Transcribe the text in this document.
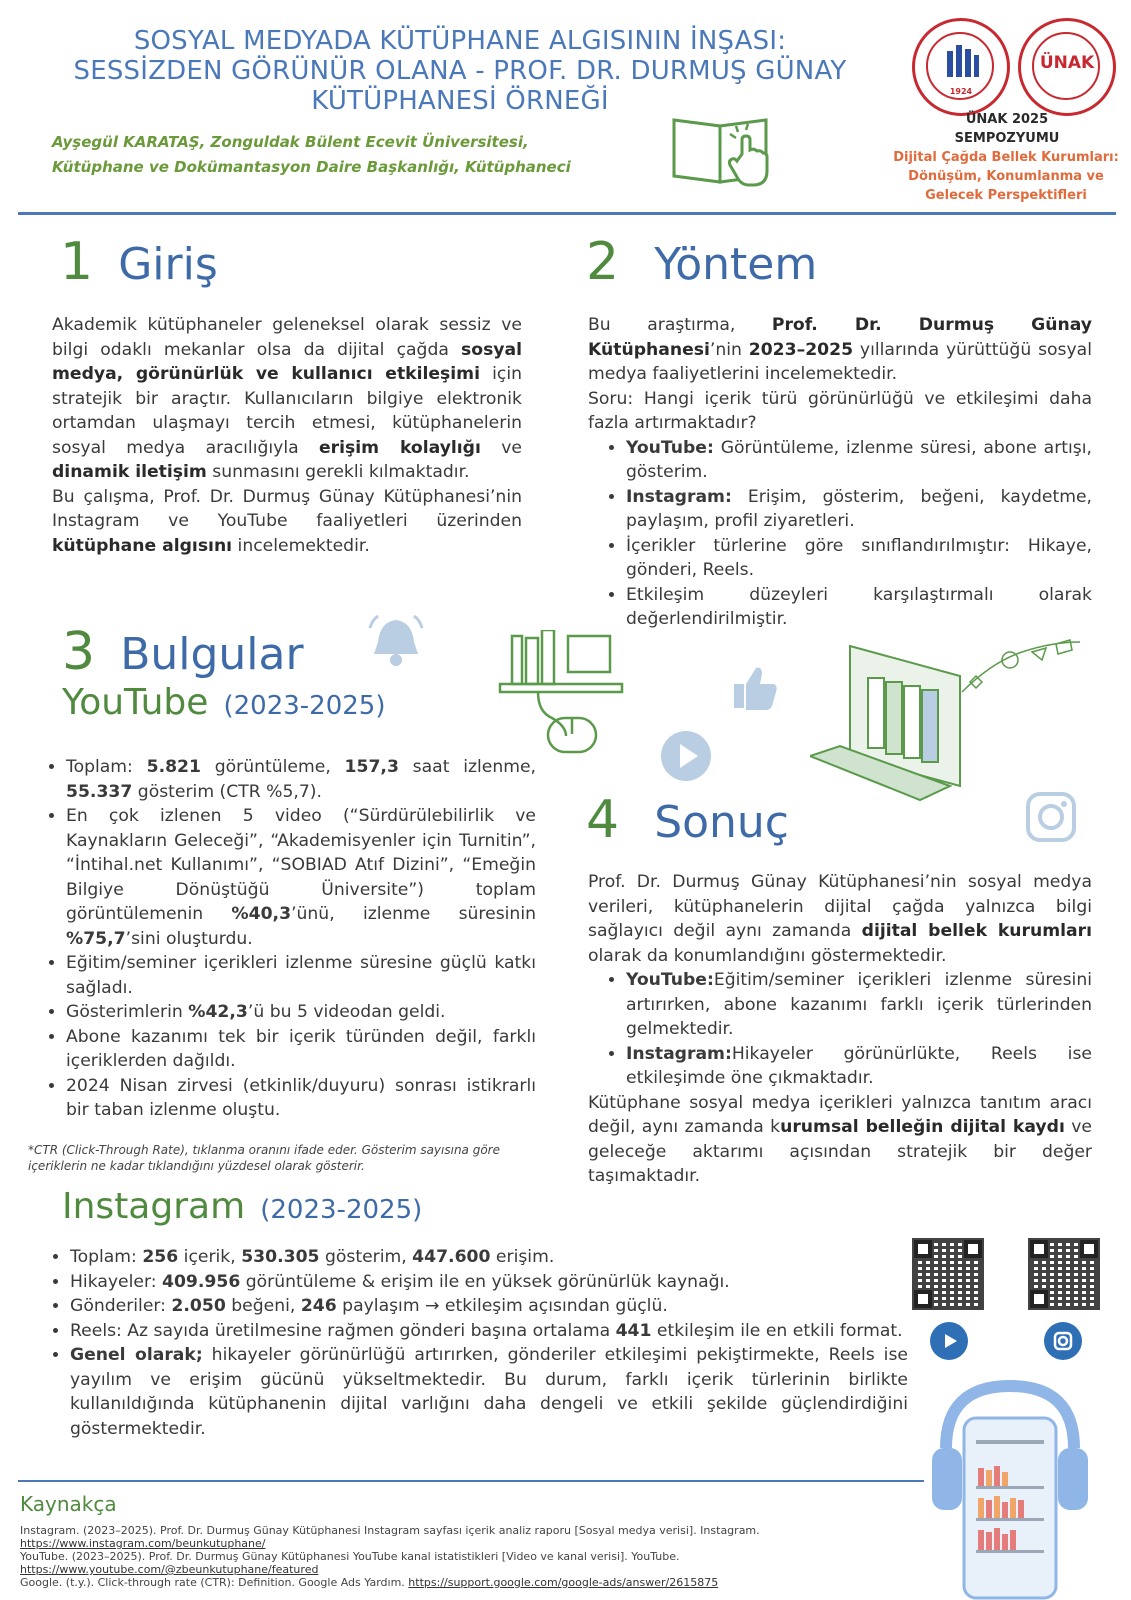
SOSYAL MEDYADA KÜTÜPHANE ALGISININ İNŞASI:
SESSİZDEN GÖRÜNÜR OLANA - PROF. DR. DURMUŞ GÜNAY
KÜTÜPHANESİ ÖRNEĞİ
Ayşegül KARATAŞ, Zonguldak Bülent Ecevit Üniversitesi,
Kütüphane ve Dokümantasyon Daire Başkanlığı, Kütüphaneci
1924
ÜNAK
ÜNAK 2025
SEMPOZYUMU
Dijital Çağda Bellek Kurumları:
Dönüşüm, Konumlanma ve
Gelecek Perspektifleri
1 Giriş
Akademik kütüphaneler geleneksel olarak sessiz ve bilgi odaklı mekanlar olsa da dijital çağda sosyal medya, görünürlük ve kullanıcı etkileşimi için stratejik bir araçtır. Kullanıcıların bilgiye elektronik ortamdan ulaşmayı tercih etmesi, kütüphanelerin sosyal medya aracılığıyla erişim kolaylığı ve dinamik iletişim sunmasını gerekli kılmaktadır.
Bu çalışma, Prof. Dr. Durmuş Günay Kütüphanesi’nin Instagram ve YouTube faaliyetleri üzerinden kütüphane algısını incelemektedir.
2 Yöntem
Bu araştırma, Prof. Dr. Durmuş Günay Kütüphanesi’nin 2023–2025 yıllarında yürüttüğü sosyal medya faaliyetlerini incelemektedir.
Soru: Hangi içerik türü görünürlüğü ve etkileşimi daha fazla artırmaktadır?
• YouTube: Görüntüleme, izlenme süresi, abone artışı, gösterim.
• Instagram: Erişim, gösterim, beğeni, kaydetme, paylaşım, profil ziyaretleri.
• İçerikler türlerine göre sınıflandırılmıştır: Hikaye, gönderi, Reels.
• Etkileşim düzeyleri karşılaştırmalı olarak değerlendirilmiştir.
3 Bulgular
YouTube (2023-2025)
• Toplam: 5.821 görüntüleme, 157,3 saat izlenme, 55.337 gösterim (CTR %5,7).
• En çok izlenen 5 video (“Sürdürülebilirlik ve Kaynakların Geleceği”, “Akademisyenler için Turnitin”, “İntihal.net Kullanımı”, “SOBIAD Atıf Dizini”, “Emeğin Bilgiye Dönüştüğü Üniversite”) toplam görüntülemenin %40,3’ünü, izlenme süresinin %75,7’sini oluşturdu.
• Eğitim/seminer içerikleri izlenme süresine güçlü katkı sağladı.
• Gösterimlerin %42,3’ü bu 5 videodan geldi.
• Abone kazanımı tek bir içerik türünden değil, farklı içeriklerden dağıldı.
• 2024 Nisan zirvesi (etkinlik/duyuru) sonrası istikrarlı bir taban izlenme oluştu.
*CTR (Click-Through Rate), tıklanma oranını ifade eder. Gösterim sayısına göre içeriklerin ne kadar tıklandığını yüzdesel olarak gösterir.
Instagram (2023-2025)
• Toplam: 256 içerik, 530.305 gösterim, 447.600 erişim.
• Hikayeler: 409.956 görüntüleme & erişim ile en yüksek görünürlük kaynağı.
• Gönderiler: 2.050 beğeni, 246 paylaşım → etkileşim açısından güçlü.
• Reels: Az sayıda üretilmesine rağmen gönderi başına ortalama 441 etkileşim ile en etkili format.
• Genel olarak; hikayeler görünürlüğü artırırken, gönderiler etkileşimi pekiştirmekte, Reels ise yayılım ve erişim gücünü yükseltmektedir. Bu durum, farklı içerik türlerinin birlikte kullanıldığında kütüphanenin dijital varlığını daha dengeli ve etkili şekilde güçlendirdiğini göstermektedir.
4 Sonuç
Prof. Dr. Durmuş Günay Kütüphanesi’nin sosyal medya verileri, kütüphanelerin dijital çağda yalnızca bilgi sağlayıcı değil aynı zamanda dijital bellek kurumları olarak da konumlandığını göstermektedir.
• YouTube:Eğitim/seminer içerikleri izlenme süresini artırırken, abone kazanımı farklı içerik türlerinden gelmektedir.
• Instagram:Hikayeler görünürlükte, Reels ise etkileşimde öne çıkmaktadır.
Kütüphane sosyal medya içerikleri yalnızca tanıtım aracı değil, aynı zamanda kurumsal belleğin dijital kaydı ve geleceğe aktarımı açısından stratejik bir değer taşımaktadır.
Kaynakça
Instagram. (2023–2025). Prof. Dr. Durmuş Günay Kütüphanesi Instagram sayfası içerik analiz raporu [Sosyal medya verisi]. Instagram.
https://www.instagram.com/beunkutuphane/
YouTube. (2023–2025). Prof. Dr. Durmuş Günay Kütüphanesi YouTube kanal istatistikleri [Video ve kanal verisi]. YouTube.
https://www.youtube.com/@zbeunkutuphane/featured
Google. (t.y.). Click-through rate (CTR): Definition. Google Ads Yardım. https://support.google.com/google-ads/answer/2615875
